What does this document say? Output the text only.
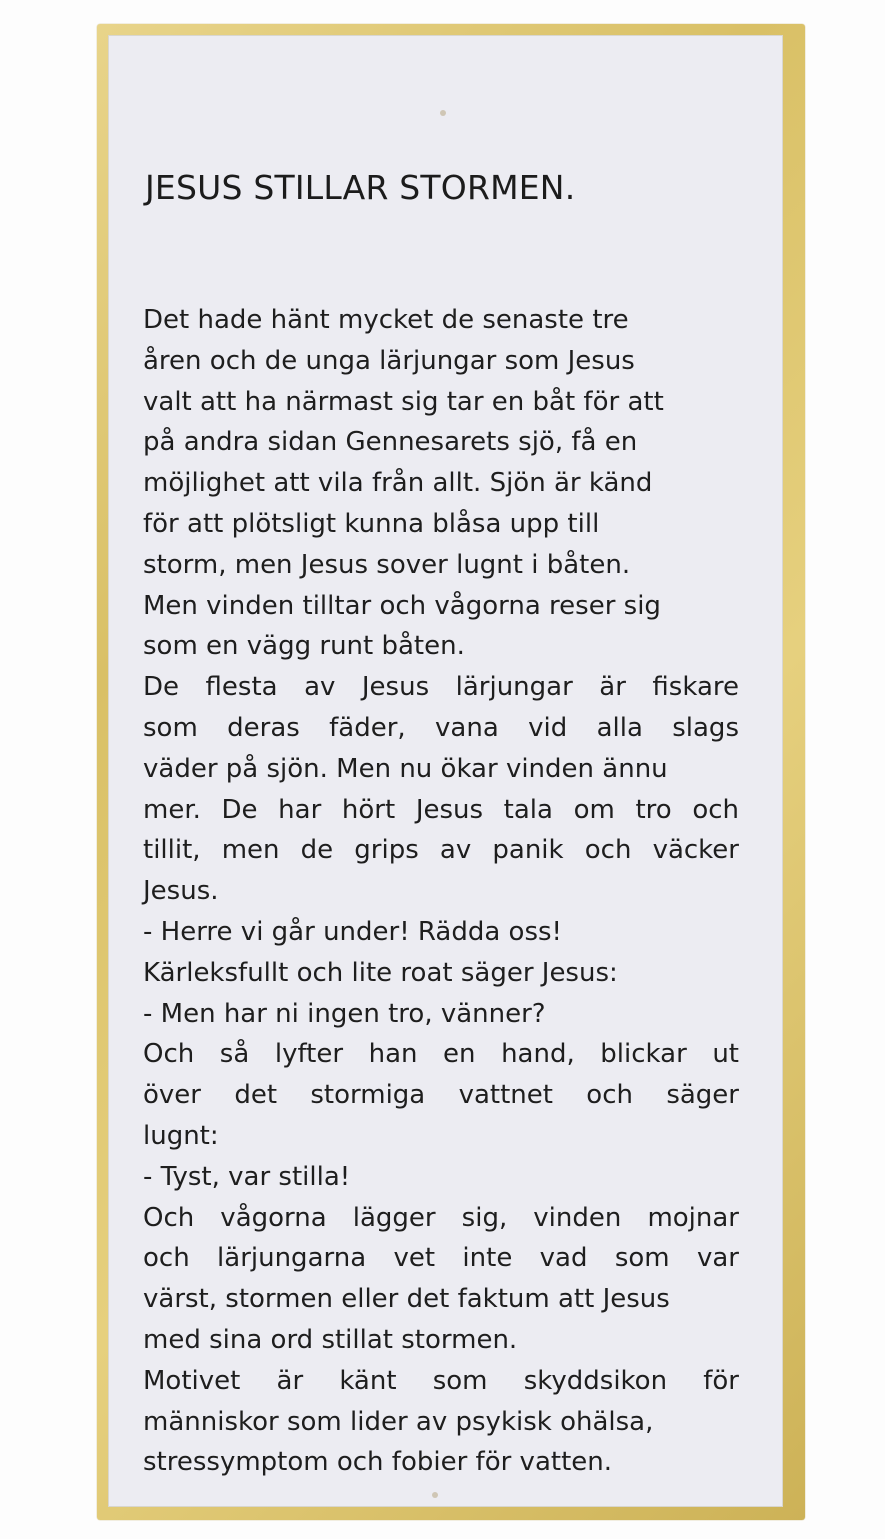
JESUS STILLAR STORMEN.
Det hade hänt mycket de senaste tre
åren och de unga lärjungar som Jesus
valt att ha närmast sig tar en båt för att
på andra sidan Gennesarets sjö, få en
möjlighet att vila från allt. Sjön är känd
för att plötsligt kunna blåsa upp till
storm, men Jesus sover lugnt i båten.
Men vinden tilltar och vågorna reser sig
som en vägg runt båten.
De flesta av Jesus lärjungar är fiskare
som deras fäder, vana vid alla slags
väder på sjön. Men nu ökar vinden ännu
mer. De har hört Jesus tala om tro och
tillit, men de grips av panik och väcker
Jesus.
- Herre vi går under! Rädda oss!
Kärleksfullt och lite roat säger Jesus:
- Men har ni ingen tro, vänner?
Och så lyfter han en hand, blickar ut
över det stormiga vattnet och säger
lugnt:
- Tyst, var stilla!
Och vågorna lägger sig, vinden mojnar
och lärjungarna vet inte vad som var
värst, stormen eller det faktum att Jesus
med sina ord stillat stormen.
Motivet är känt som skyddsikon för
människor som lider av psykisk ohälsa,
stressymptom och fobier för vatten.
